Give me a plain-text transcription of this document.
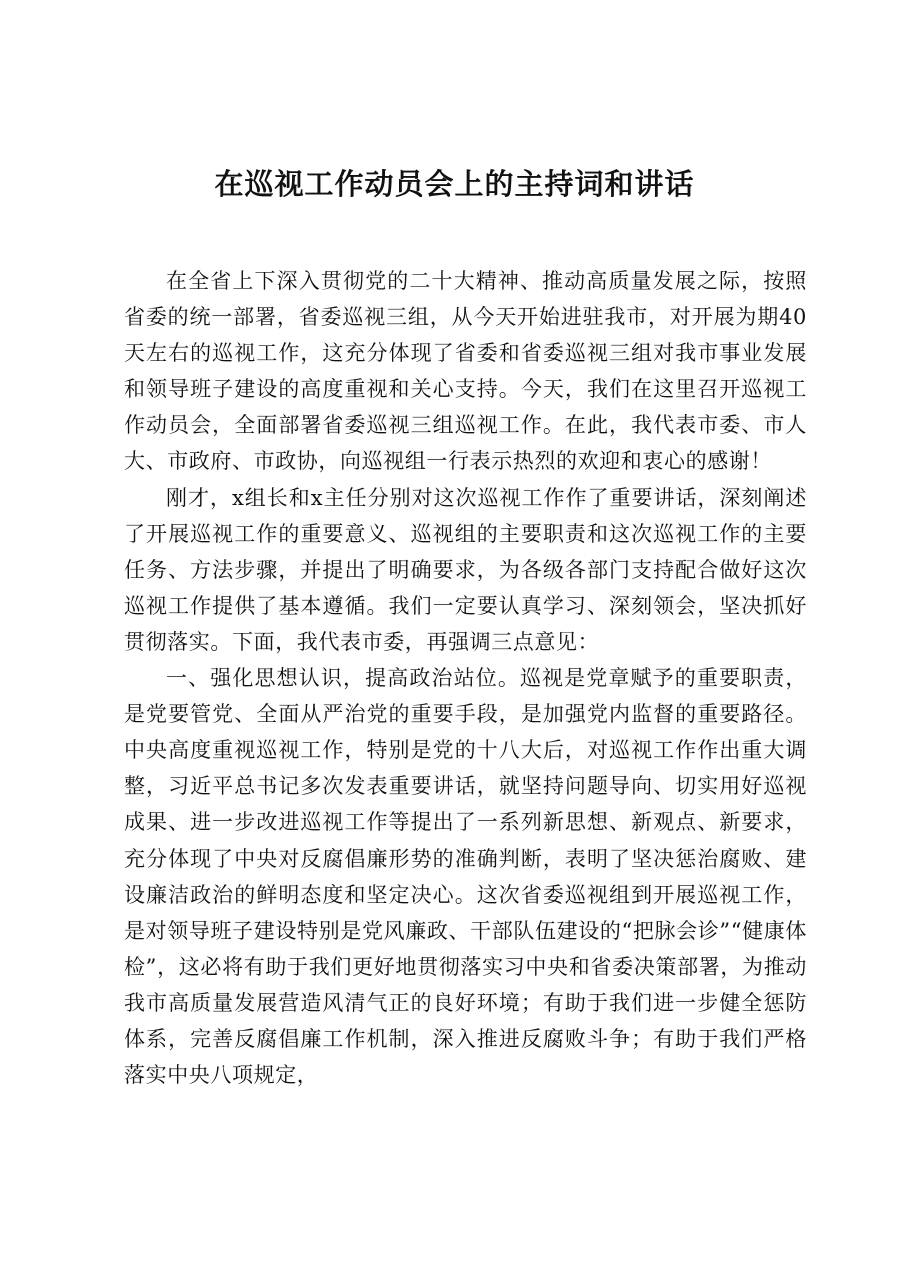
在巡视工作动员会上的主持词和讲话

在全省上下深入贯彻党的二十大精神、推动高质量发展之际，按照省委的统一部署，省委巡视三组，从今天开始进驻我市，对开展为期40天左右的巡视工作，这充分体现了省委和省委巡视三组对我市事业发展和领导班子建设的高度重视和关心支持。今天，我们在这里召开巡视工作动员会，全面部署省委巡视三组巡视工作。在此，我代表市委、市人大、市政府、市政协，向巡视组一行表示热烈的欢迎和衷心的感谢！

刚才，x组长和x主任分别对这次巡视工作作了重要讲话，深刻阐述了开展巡视工作的重要意义、巡视组的主要职责和这次巡视工作的主要任务、方法步骤，并提出了明确要求，为各级各部门支持配合做好这次巡视工作提供了基本遵循。我们一定要认真学习、深刻领会，坚决抓好贯彻落实。下面，我代表市委，再强调三点意见：

一、强化思想认识，提高政治站位。巡视是党章赋予的重要职责，是党要管党、全面从严治党的重要手段，是加强党内监督的重要路径。中央高度重视巡视工作，特别是党的十八大后，对巡视工作作出重大调整，习近平总书记多次发表重要讲话，就坚持问题导向、切实用好巡视成果、进一步改进巡视工作等提出了一系列新思想、新观点、新要求，充分体现了中央对反腐倡廉形势的准确判断，表明了坚决惩治腐败、建设廉洁政治的鲜明态度和坚定决心。这次省委巡视组到开展巡视工作，是对领导班子建设特别是党风廉政、干部队伍建设的“把脉会诊”“健康体检”，这必将有助于我们更好地贯彻落实习中央和省委决策部署，为推动我市高质量发展营造风清气正的良好环境；有助于我们进一步健全惩防体系，完善反腐倡廉工作机制，深入推进反腐败斗争；有助于我们严格落实中央八项规定，
